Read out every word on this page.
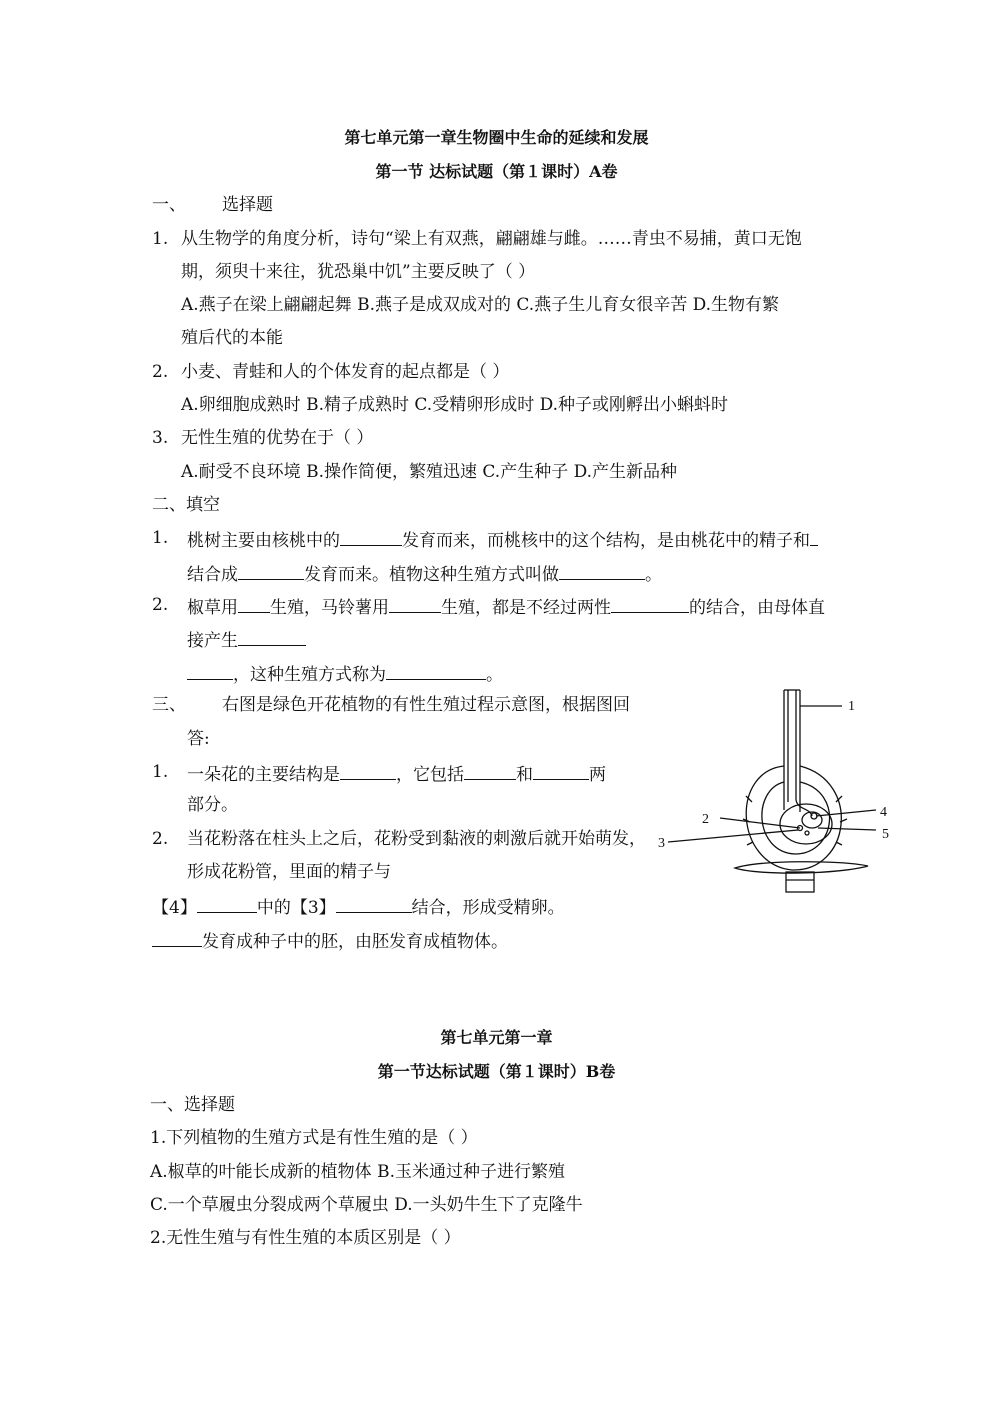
第七单元第一章生物圈中生命的延续和发展
第一节 达标试题（第１课时）A卷
一、 选择题
1. 从生物学的角度分析，诗句“梁上有双燕，翩翩雄与雌。……青虫不易捕，黄口无饱
期，须臾十来往，犹恐巢中饥”主要反映了（ ）
A.燕子在梁上翩翩起舞 B.燕子是成双成对的 C.燕子生儿育女很辛苦 D.生物有繁
殖后代的本能
2. 小麦、青蛙和人的个体发育的起点都是（ ）
A.卵细胞成熟时 B.精子成熟时 C.受精卵形成时 D.种子或刚孵出小蝌蚪时
3. 无性生殖的优势在于（ ）
A.耐受不良环境 B.操作简便，繁殖迅速 C.产生种子 D.产生新品种
二、填空
1. 桃树主要由核桃中的	发育而来，而桃核中的这个结构，是由桃花中的精子和
结合成	发育而来。植物这种生殖方式叫做	。
2. 椒草用 生殖，马铃薯用	生殖，都是不经过两性	的结合，由母体直
接产生
，这种生殖方式称为	。
三、 右图是绿色开花植物的有性生殖过程示意图，根据图回
答:
1. 一朵花的主要结构是	，它包括	和	两
部分。
2. 当花粉落在柱头上之后，花粉受到黏液的刺激后就开始萌发，
形成花粉管，里面的精子与
【4】	中的【3】	结合，形成受精卵。
发育成种子中的胚，由胚发育成植物体。
1
2
3
4
5
第七单元第一章
第一节达标试题（第１课时）B卷
一、选择题
1.下列植物的生殖方式是有性生殖的是（ ）
A.椒草的叶能长成新的植物体 B.玉米通过种子进行繁殖
C.一个草履虫分裂成两个草履虫 D.一头奶牛生下了克隆牛
2.无性生殖与有性生殖的本质区别是（ ）
